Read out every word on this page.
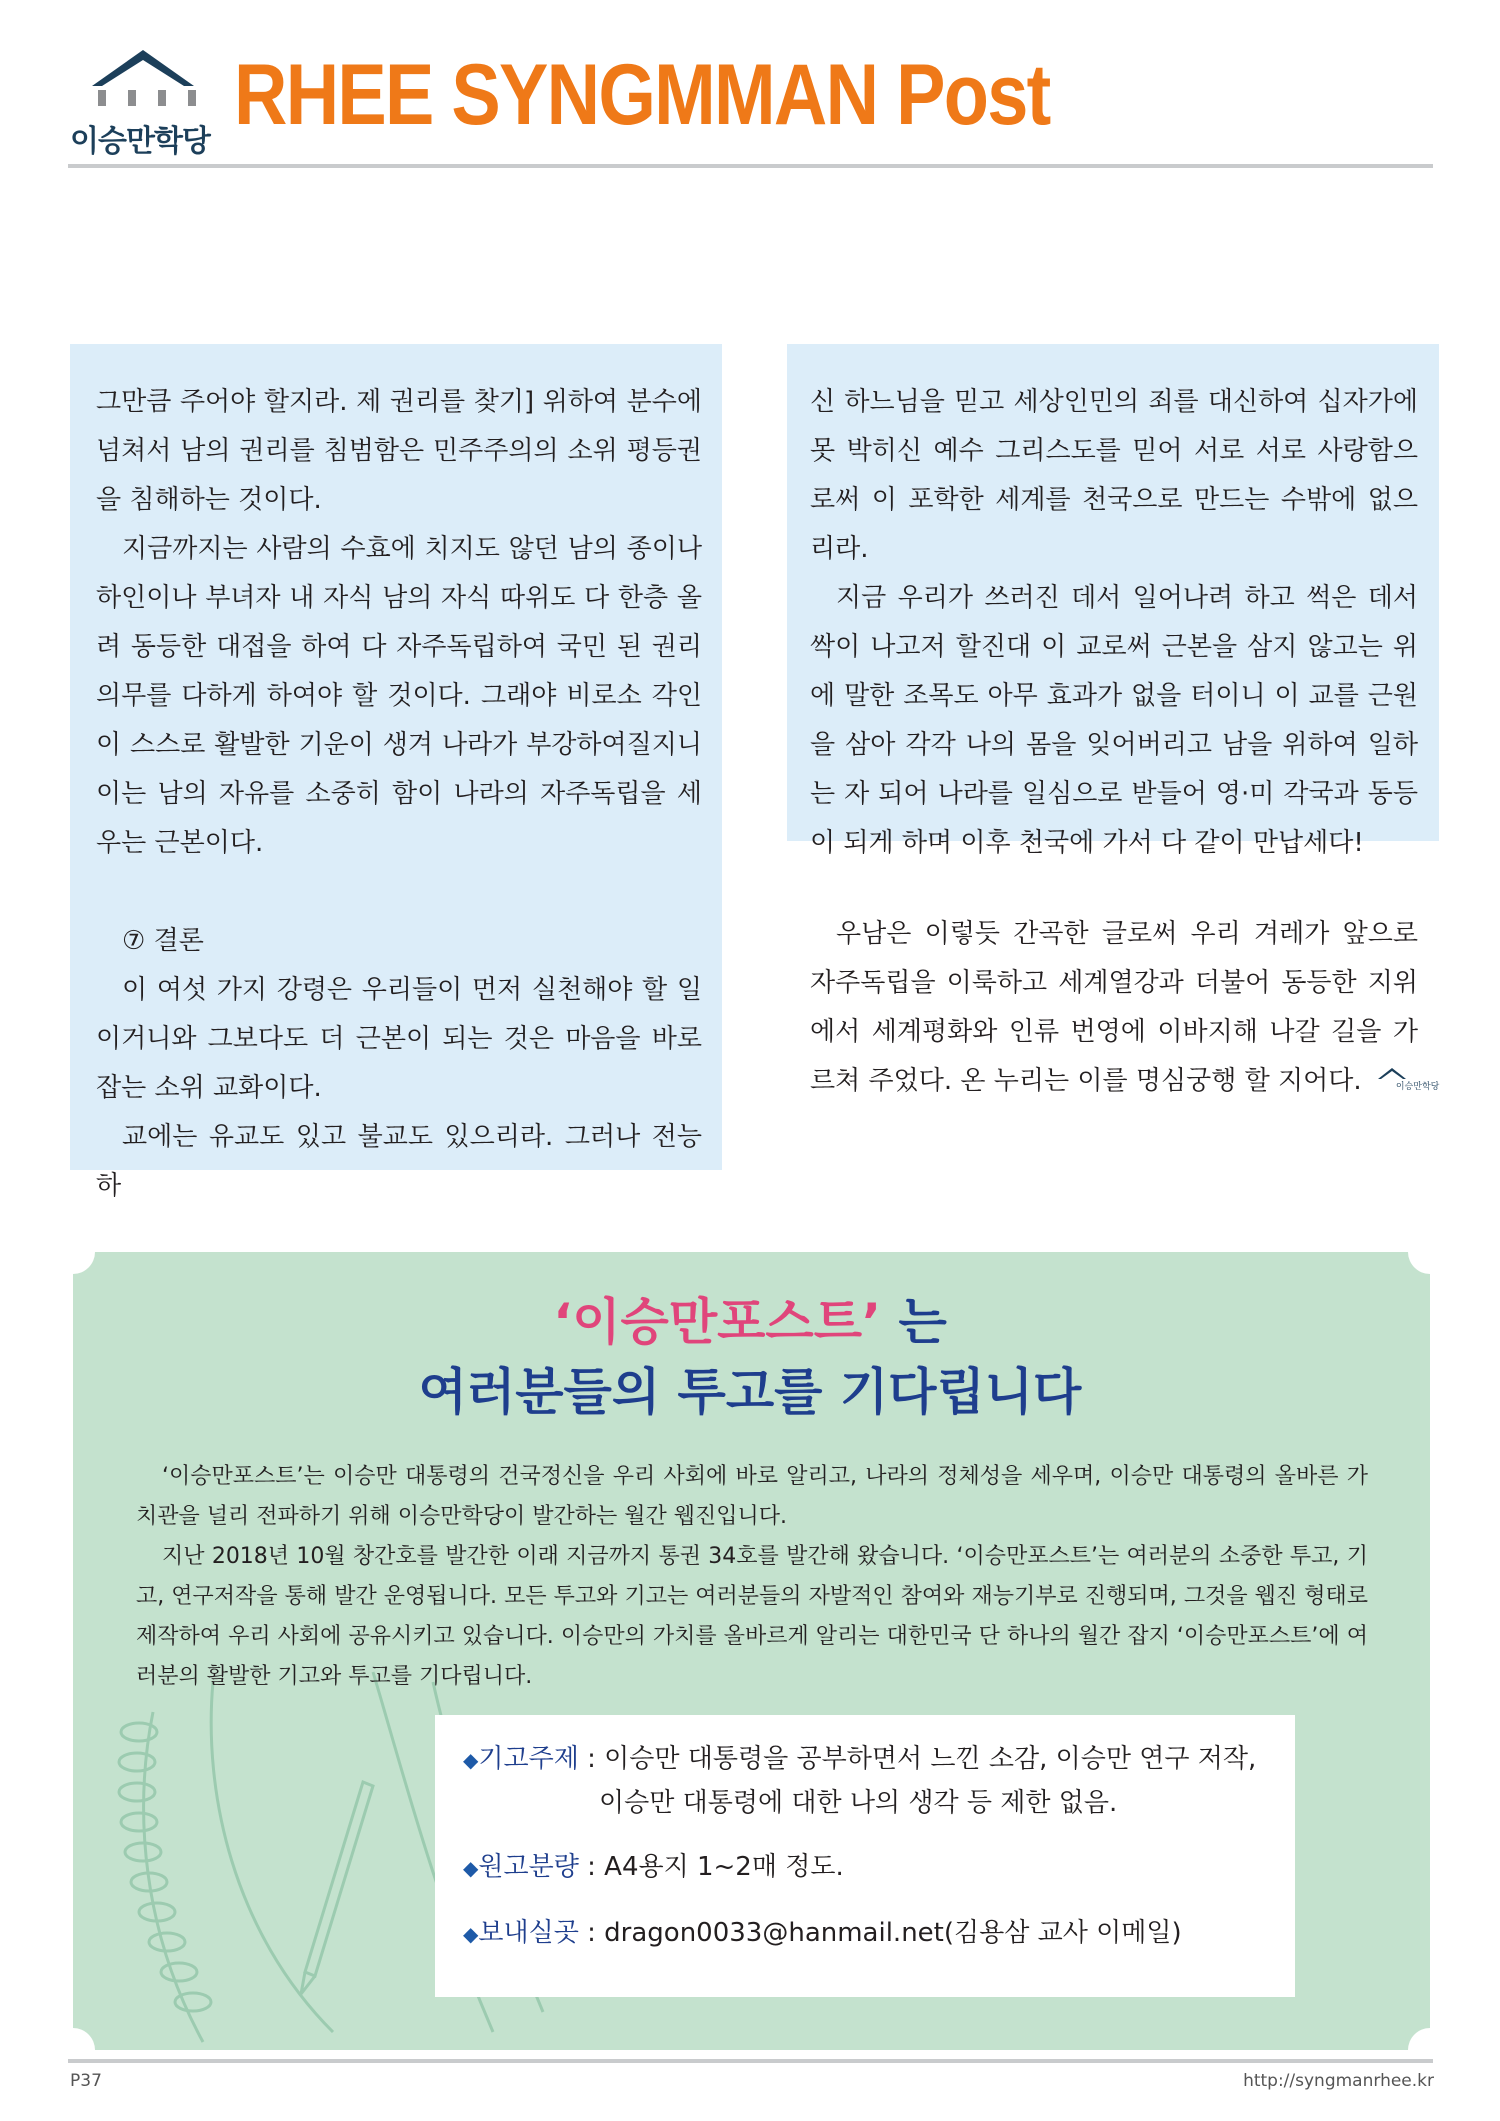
이승만학당 RHEE SYNGMMAN Post

그만큼 주어야 할지라. 제 권리를 찾기] 위하여 분수에 넘쳐서 남의 권리를 침범함은 민주주의의 소위 평등권을 침해하는 것이다.

지금까지는 사람의 수효에 치지도 않던 남의 종이나 하인이나 부녀자 내 자식 남의 자식 따위도 다 한층 올려 동등한 대접을 하여 다 자주독립하여 국민 된 권리 의무를 다하게 하여야 할 것이다. 그래야 비로소 각인이 스스로 활발한 기운이 생겨 나라가 부강하여질지니 이는 남의 자유를 소중히 함이 나라의 자주독립을 세우는 근본이다.

⑦ 결론

이 여섯 가지 강령은 우리들이 먼저 실천해야 할 일이거니와 그보다도 더 근본이 되는 것은 마음을 바로 잡는 소위 교화이다.

교에는 유교도 있고 불교도 있으리라. 그러나 전능하

신 하느님을 믿고 세상인민의 죄를 대신하여 십자가에 못 박히신 예수 그리스도를 믿어 서로 서로 사랑함으로써 이 포학한 세계를 천국으로 만드는 수밖에 없으리라.

지금 우리가 쓰러진 데서 일어나려 하고 썩은 데서 싹이 나고저 할진대 이 교로써 근본을 삼지 않고는 위에 말한 조목도 아무 효과가 없을 터이니 이 교를 근원을 삼아 각각 나의 몸을 잊어버리고 남을 위하여 일하는 자 되어 나라를 일심으로 받들어 영·미 각국과 동등이 되게 하며 이후 천국에 가서 다 같이 만납세다!

우남은 이렇듯 간곡한 글로써 우리 겨레가 앞으로 자주독립을 이룩하고 세계열강과 더불어 동등한 지위에서 세계평화와 인류 번영에 이바지해 나갈 길을 가르쳐 주었다. 온 누리는 이를 명심궁행 할 지어다.	이승만학당

‘이승만포스트’ 는
여러분들의 투고를 기다립니다

‘이승만포스트’는 이승만 대통령의 건국정신을 우리 사회에 바로 알리고, 나라의 정체성을 세우며, 이승만 대통령의 올바른 가치관을 널리 전파하기 위해 이승만학당이 발간하는 월간 웹진입니다.

지난 2018년 10월 창간호를 발간한 이래 지금까지 통권 34호를 발간해 왔습니다. ‘이승만포스트’는 여러분의 소중한 투고, 기고, 연구저작을 통해 발간 운영됩니다. 모든 투고와 기고는 여러분들의 자발적인 참여와 재능기부로 진행되며, 그것을 웹진 형태로 제작하여 우리 사회에 공유시키고 있습니다. 이승만의 가치를 올바르게 알리는 대한민국 단 하나의 월간 잡지 ‘이승만포스트’에 여러분의 활발한 기고와 투고를 기다립니다.

◆기고주제 : 이승만 대통령을 공부하면서 느낀 소감, 이승만 연구 저작,
이승만 대통령에 대한 나의 생각 등 제한 없음.
◆원고분량 : A4용지 1~2매 정도.
◆보내실곳 : dragon0033@hanmail.net(김용삼 교사 이메일)
P37	http://syngmanrhee.kr
